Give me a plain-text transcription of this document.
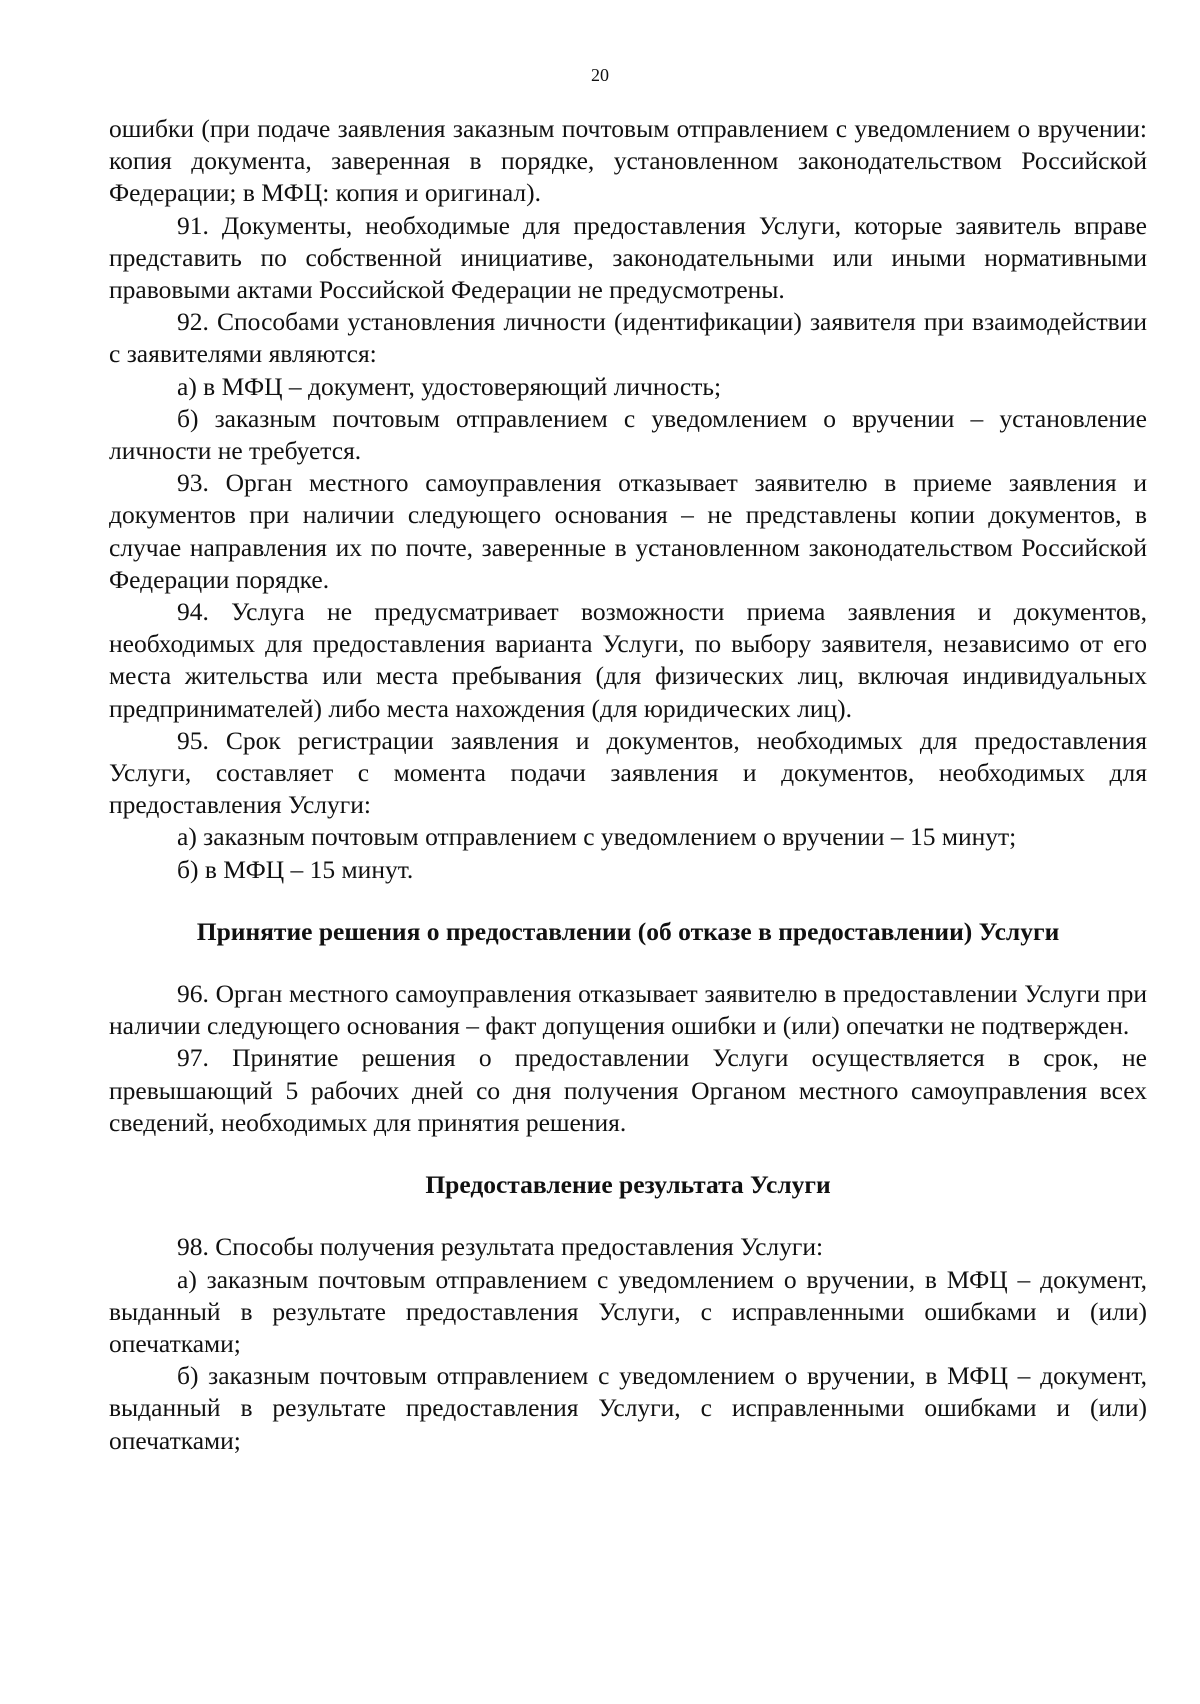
20

ошибки (при подаче заявления заказным почтовым отправлением с уведомлением о вручении: копия документа, заверенная в порядке, установленном законодательством Российской Федерации; в МФЦ: копия и оригинал).

91. Документы, необходимые для предоставления Услуги, которые заявитель вправе представить по собственной инициативе, законодательными или иными нормативными правовыми актами Российской Федерации не предусмотрены.

92. Способами установления личности (идентификации) заявителя при взаимодействии с заявителями являются:

а) в МФЦ – документ, удостоверяющий личность;

б) заказным почтовым отправлением с уведомлением о вручении – установление личности не требуется.

93. Орган местного самоуправления отказывает заявителю в приеме заявления и документов при наличии следующего основания – не представлены копии документов, в случае направления их по почте, заверенные в установленном законодательством Российской Федерации порядке.

94. Услуга не предусматривает возможности приема заявления и документов, необходимых для предоставления варианта Услуги, по выбору заявителя, независимо от его места жительства или места пребывания (для физических лиц, включая индивидуальных предпринимателей) либо места нахождения (для юридических лиц).

95. Срок регистрации заявления и документов, необходимых для предоставления Услуги, составляет с момента подачи заявления и документов, необходимых для предоставления Услуги:

а) заказным почтовым отправлением с уведомлением о вручении – 15 минут;

б) в МФЦ – 15 минут.

Принятие решения о предоставлении (об отказе в предоставлении) Услуги

96. Орган местного самоуправления отказывает заявителю в предоставлении Услуги при наличии следующего основания – факт допущения ошибки и (или) опечатки не подтвержден.

97. Принятие решения о предоставлении Услуги осуществляется в срок, не превышающий 5 рабочих дней со дня получения Органом местного самоуправления всех сведений, необходимых для принятия решения.

Предоставление результата Услуги

98. Способы получения результата предоставления Услуги:

а) заказным почтовым отправлением с уведомлением о вручении, в МФЦ – документ, выданный в результате предоставления Услуги, с исправленными ошибками и (или) опечатками;

б) заказным почтовым отправлением с уведомлением о вручении, в МФЦ – документ, выданный в результате предоставления Услуги, с исправленными ошибками и (или) опечатками;
